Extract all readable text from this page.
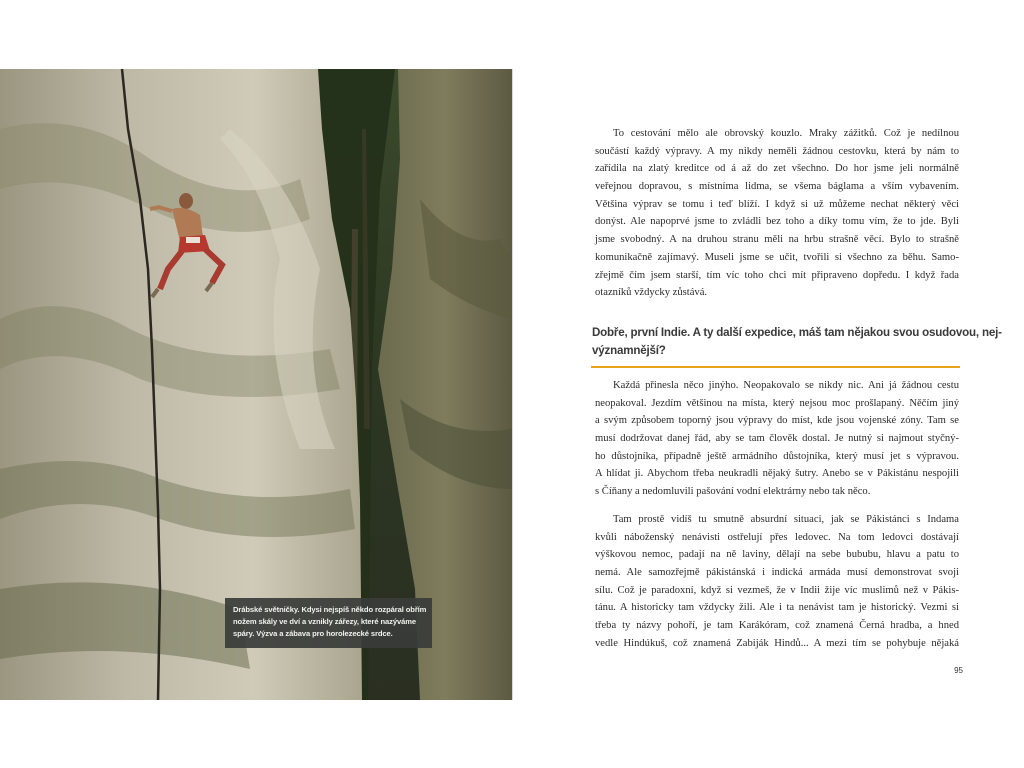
Drábské světničky. Kdysi nejspíš někdo rozpáral obřím
nožem skály ve dví a vznikly zářezy, které nazýváme
spáry. Výzva a zábava pro horolezecké srdce.
To cestování mělo ale obrovský kouzlo. Mraky zážitků. Což je nedílnou
součástí každý výpravy. A my nikdy neměli žádnou cestovku, která by nám to
zařídila na zlatý kreditce od á až do zet všechno. Do hor jsme jeli normálně
veřejnou dopravou, s místníma lidma, se všema báglama a vším vybavením.
Většina výprav se tomu i teď blíží. I když si už můžeme nechat některý věci
donýst. Ale napoprvé jsme to zvládli bez toho a díky tomu vím, že to jde. Byli
jsme svobodný. A na druhou stranu měli na hrbu strašně věcí. Bylo to strašně
komunikačně zajímavý. Museli jsme se učit, tvořili si všechno za běhu. Samo-
zřejmě čím jsem starší, tím víc toho chci mít připraveno dopředu. I když řada
otazníků vždycky zůstává.
Dobře, první Indie. A ty další expedice, máš tam nějakou svou osudovou, nej-
významnější?
Každá přinesla něco jinýho. Neopakovalo se nikdy nic. Ani já žádnou cestu
neopakoval. Jezdím většinou na místa, který nejsou moc prošlapaný. Něčím jiný
a svým způsobem toporný jsou výpravy do míst, kde jsou vojenské zóny. Tam se
musí dodržovat danej řád, aby se tam člověk dostal. Je nutný si najmout styčný-
ho důstojníka, případně ještě armádního důstojníka, který musí jet s výpravou.
A hlídat ji. Abychom třeba neukradli nějaký šutry. Anebo se v Pákistánu nespojili
s Číňany a nedomluvili pašování vodní elektrárny nebo tak něco.
Tam prostě vidíš tu smutně absurdní situaci, jak se Pákistánci s Indama
kvůli náboženský nenávisti ostřelují přes ledovec. Na tom ledovci dostávají
výškovou nemoc, padají na ně laviny, dělají na sebe bububu, hlavu a patu to
nemá. Ale samozřejmě pákistánská i indická armáda musí demonstrovat svoji
sílu. Což je paradoxní, když si vezmeš, že v Indii žije víc muslimů než v Pákis-
tánu. A historicky tam vždycky žili. Ale i ta nenávist tam je historický. Vezmi si
třeba ty názvy pohoří, je tam Karákóram, což znamená Černá hradba, a hned
vedle Hindúkuš, což znamená Zabiják Hindů... A mezi tím se pohybuje nějaká
95
